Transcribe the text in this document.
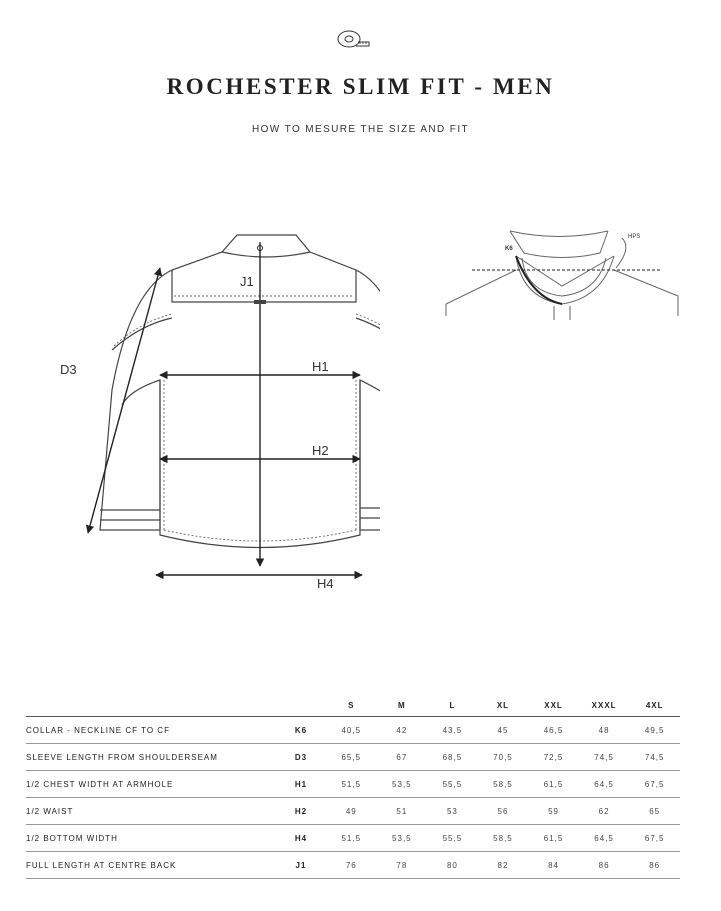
ROCHESTER SLIM FIT - MEN
HOW TO MESURE THE SIZE AND FIT
J1
D3	H1
H2
H4
K6
HPS
		S	M	L	XL	XXL	XXXL	4XL
COLLAR - NECKLINE CF TO CF	K6	40,5	42	43,5	45	46,5	48	49,5
SLEEVE LENGTH FROM SHOULDERSEAM	D3	65,5	67	68,5	70,5	72,5	74,5	74,5
1/2 CHEST WIDTH AT ARMHOLE	H1	51,5	53,5	55,5	58,5	61,5	64,5	67,5
1/2 WAIST	H2	49	51	53	56	59	62	65
1/2 BOTTOM WIDTH	H4	51,5	53,5	55,5	58,5	61,5	64,5	67,5
FULL LENGTH AT CENTRE BACK	J1	76	78	80	82	84	86	86
